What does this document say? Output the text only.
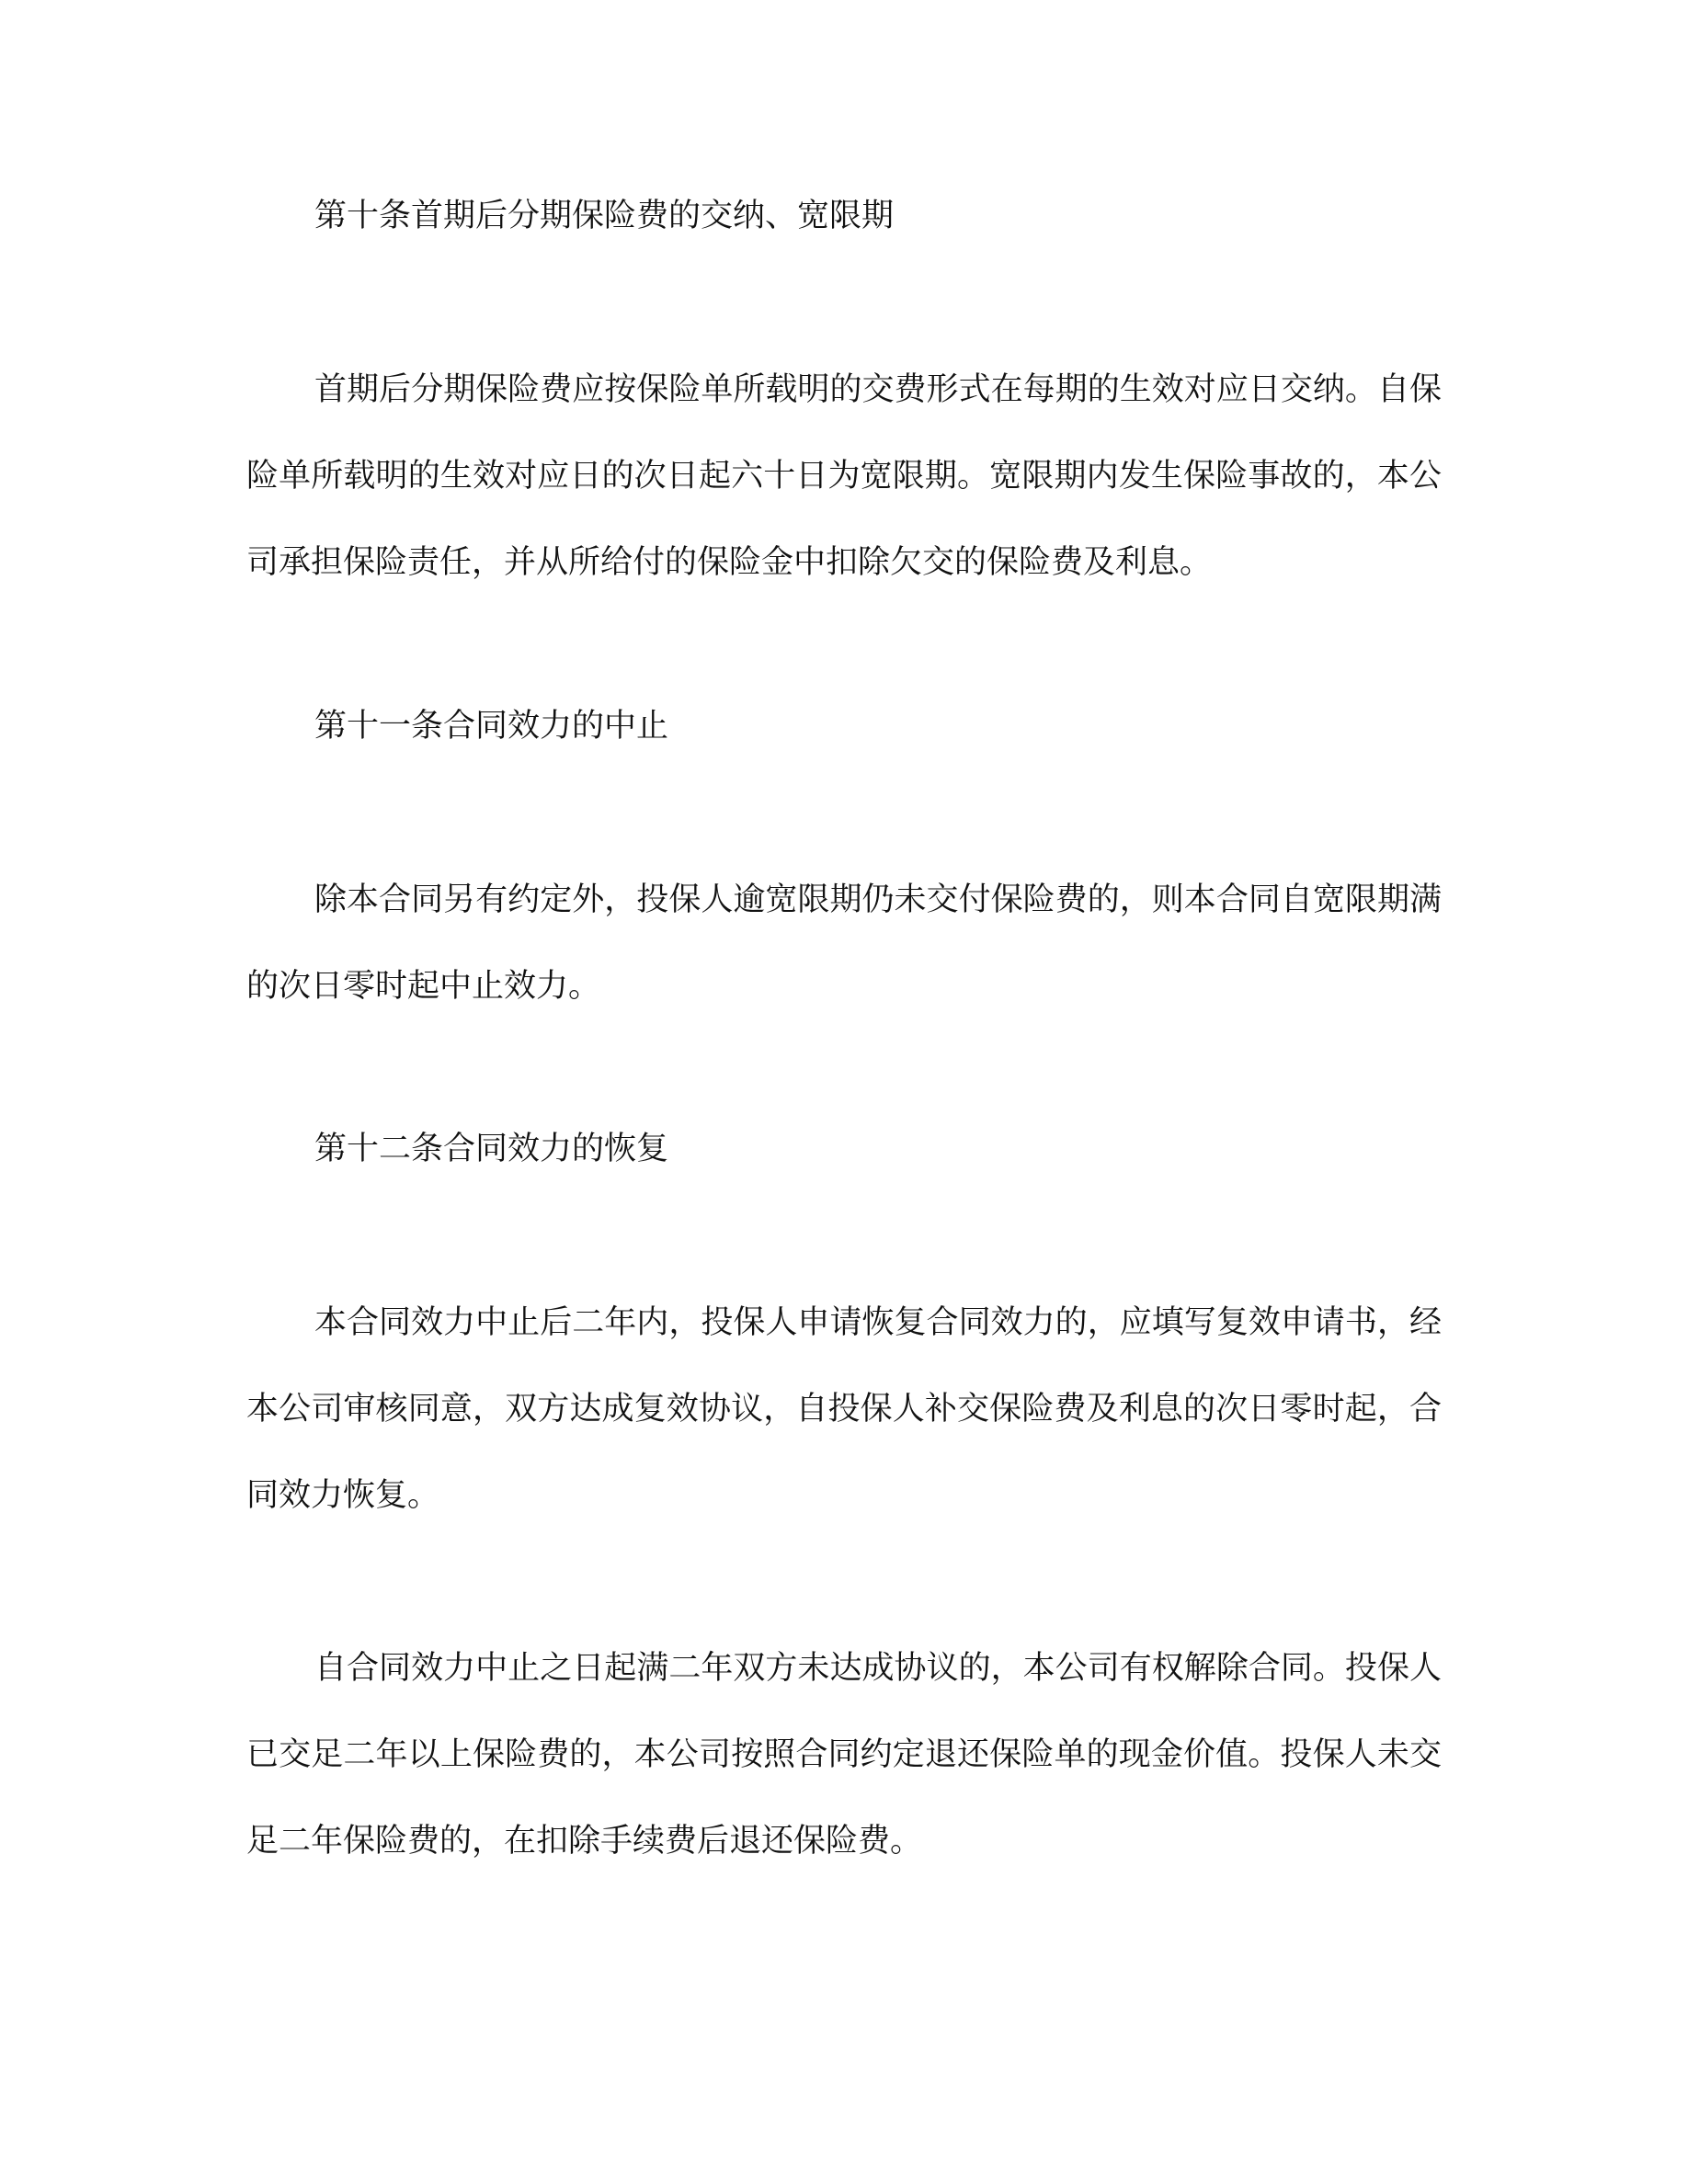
第十条首期后分期保险费的交纳、宽限期

首期后分期保险费应按保险单所载明的交费形式在每期的生效对应日交纳。自保险单所载明的生效对应日的次日起六十日为宽限期。宽限期内发生保险事故的，本公司承担保险责任，并从所给付的保险金中扣除欠交的保险费及利息。

第十一条合同效力的中止

除本合同另有约定外，投保人逾宽限期仍未交付保险费的，则本合同自宽限期满的次日零时起中止效力。

第十二条合同效力的恢复

本合同效力中止后二年内，投保人申请恢复合同效力的，应填写复效申请书，经本公司审核同意，双方达成复效协议，自投保人补交保险费及利息的次日零时起，合同效力恢复。

自合同效力中止之日起满二年双方未达成协议的，本公司有权解除合同。投保人已交足二年以上保险费的，本公司按照合同约定退还保险单的现金价值。投保人未交足二年保险费的，在扣除手续费后退还保险费。
